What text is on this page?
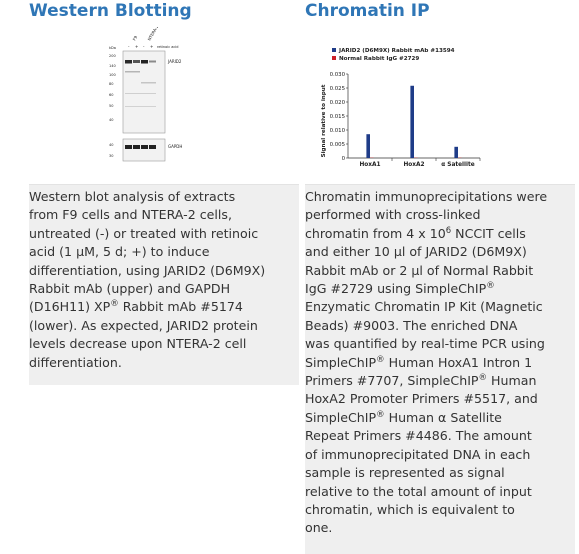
Western Blotting
F9 NTERA-2
- + - + retinoic acid
kDa
200
140
100
80
60
50
40
JARID2
40
30
GAPDH
Western blot analysis of extracts
from F9 cells and NTERA-2 cells,
untreated (-) or treated with retinoic
acid (1 µM, 5 d; +) to induce
differentiation, using JARID2 (D6M9X)
Rabbit mAb (upper) and GAPDH
(D16H11) XP® Rabbit mAb #5174
(lower). As expected, JARID2 protein
levels decrease upon NTERA-2 cell
differentiation.
Chromatin IP
JARID2 (D6M9X) Rabbit mAb #13594
Normal Rabbit IgG #2729
Signal relative to input
0
0.005
0.010
0.015
0.020
0.025
0.030
HoxA1	HoxA2	α Satellite
Chromatin immunoprecipitations were
performed with cross-linked
chromatin from 4 x $10^6$ NCCIT cells
and either 10 µl of JARID2 (D6M9X)
Rabbit mAb or 2 µl of Normal Rabbit
IgG #2729 using SimpleChIP®
Enzymatic Chromatin IP Kit (Magnetic
Beads) #9003. The enriched DNA
was quantified by real-time PCR using
SimpleChIP® Human HoxA1 Intron 1
Primers #7707, SimpleChIP® Human
HoxA2 Promoter Primers #5517, and
SimpleChIP® Human α Satellite
Repeat Primers #4486. The amount
of immunoprecipitated DNA in each
sample is represented as signal
relative to the total amount of input
chromatin, which is equivalent to
one.
